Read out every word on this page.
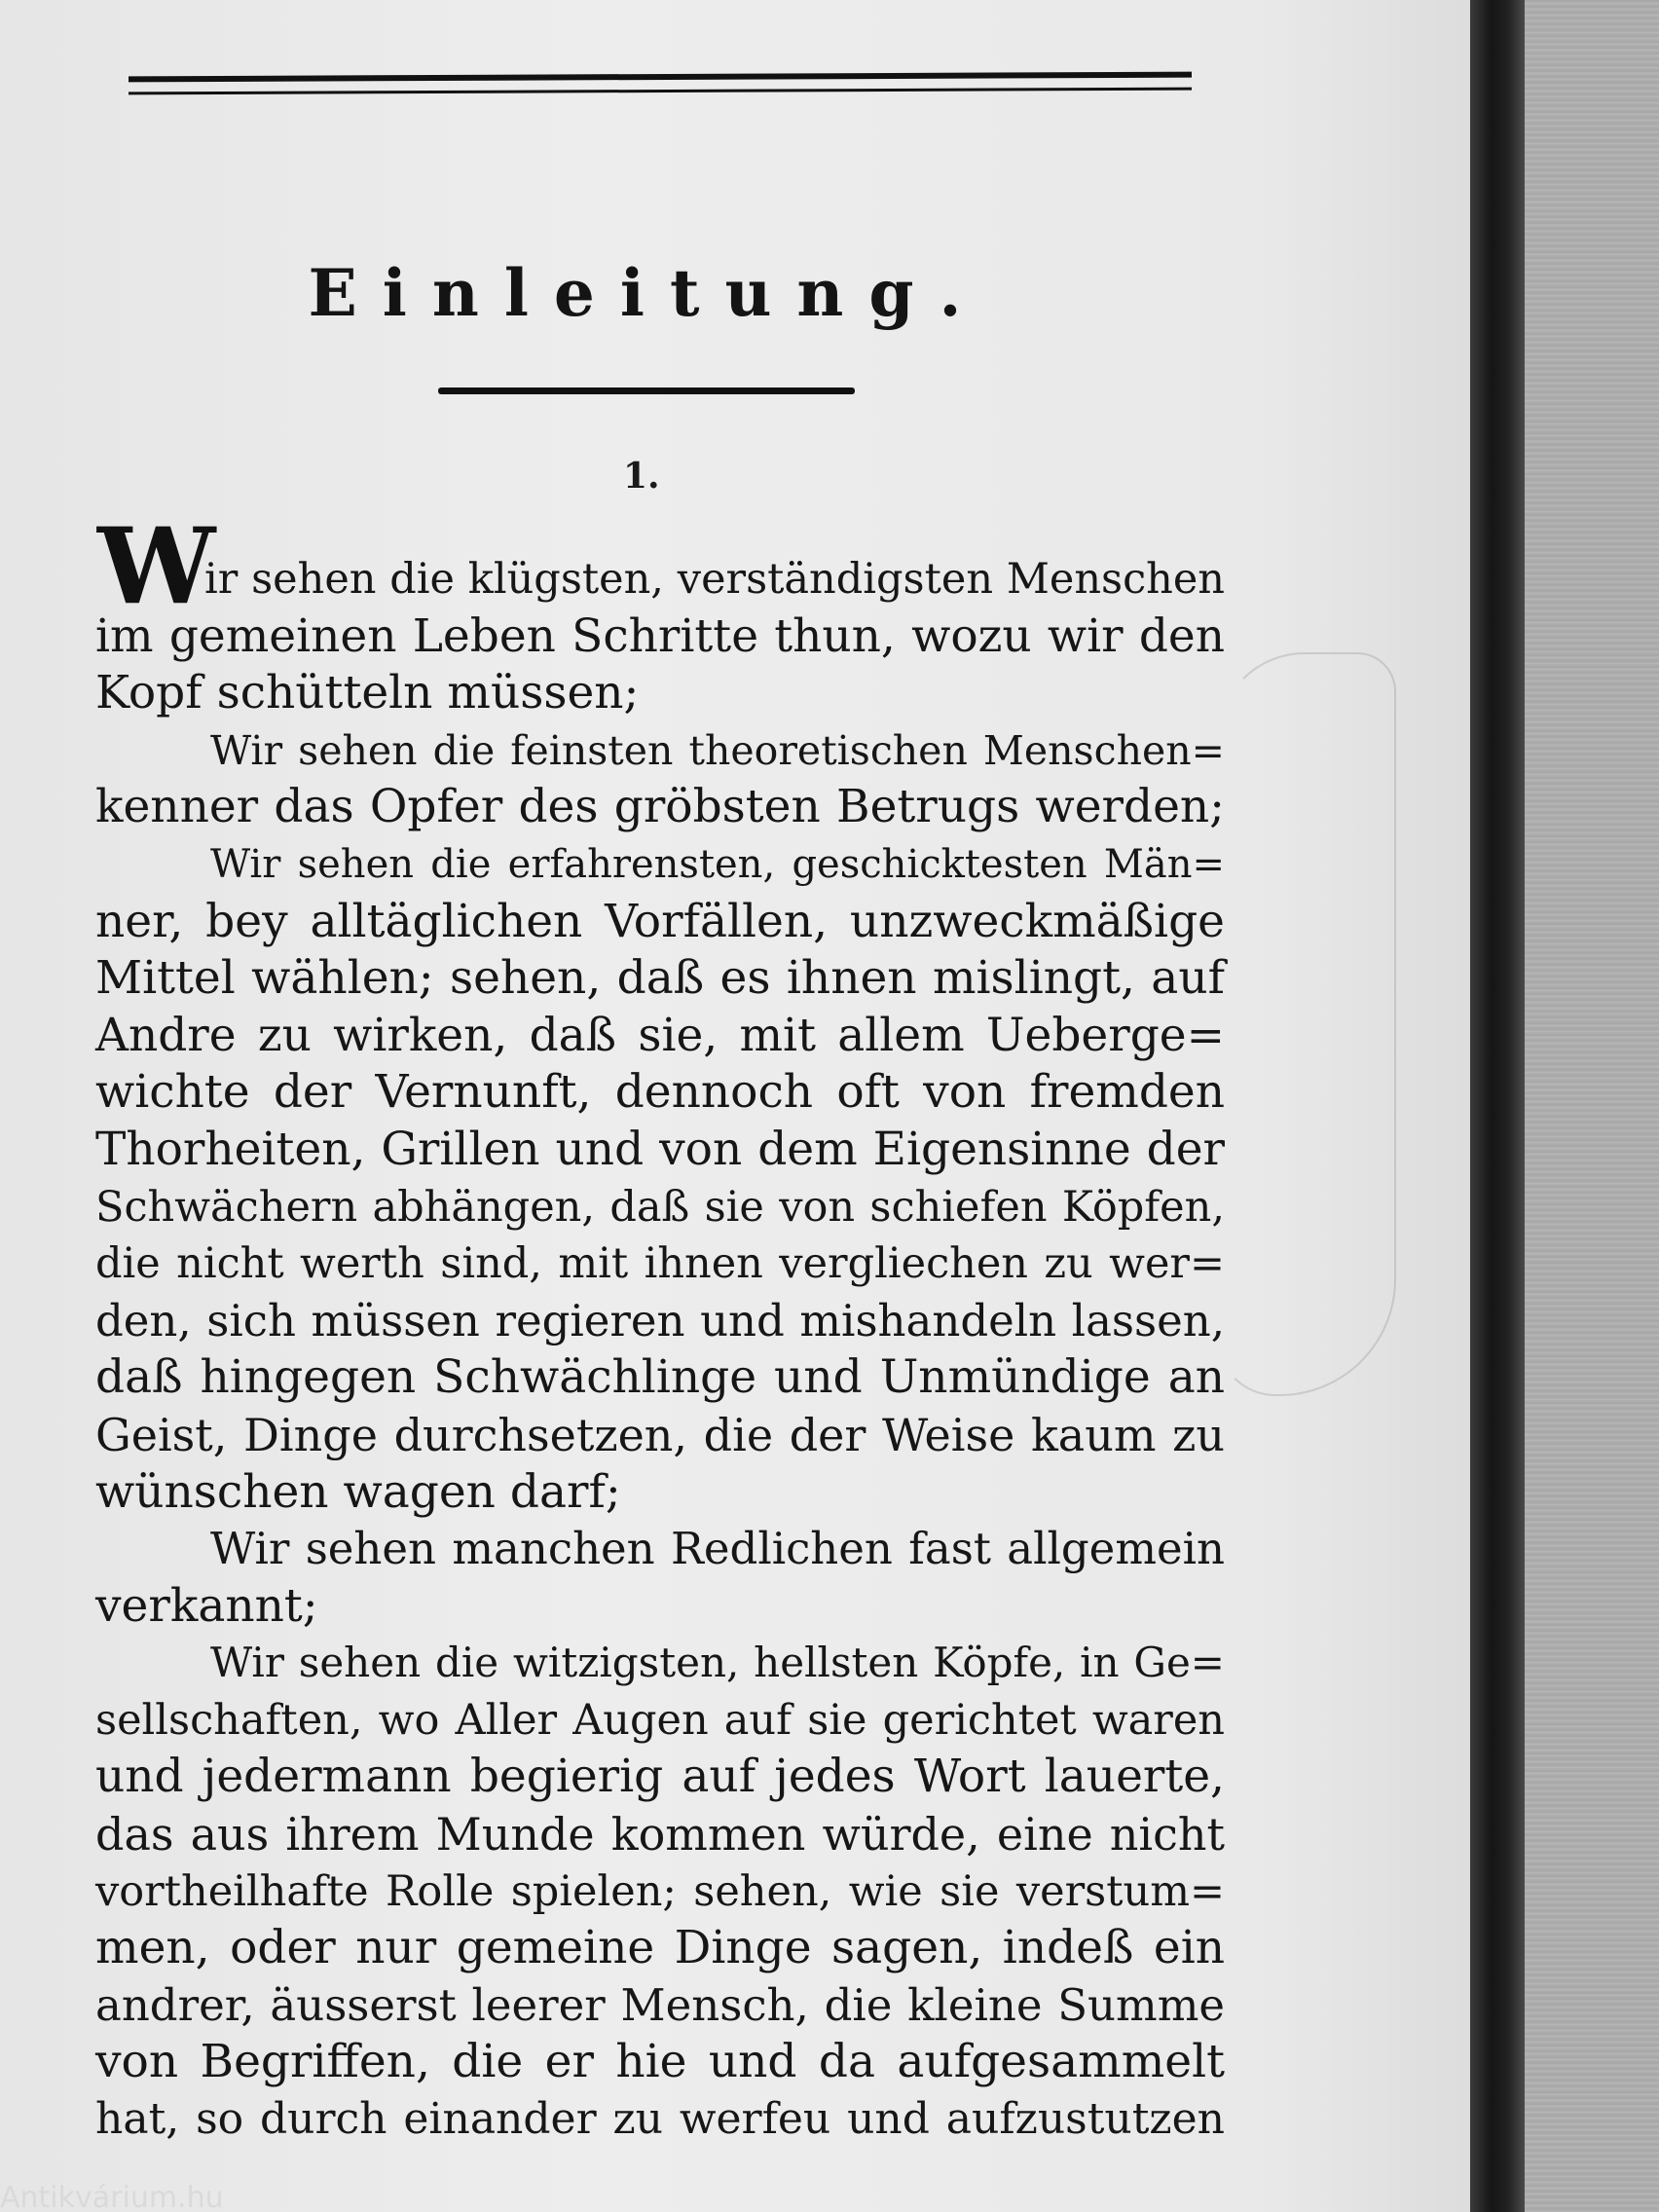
Einleitung.
1.
W
ir sehen die klügsten, verständigsten Menschen
im gemeinen Leben Schritte thun, wozu wir den
Kopf schütteln müssen;
Wir sehen die feinsten theoretischen Menschen=
kenner das Opfer des gröbsten Betrugs werden;
Wir sehen die erfahrensten, geschicktesten Män=
ner, bey alltäglichen Vorfällen, unzweckmäßige
Mittel wählen; sehen, daß es ihnen mislingt, auf
Andre zu wirken, daß sie, mit allem Ueberge=
wichte der Vernunft, dennoch oft von fremden
Thorheiten, Grillen und von dem Eigensinne der
Schwächern abhängen, daß sie von schiefen Köpfen,
die nicht werth sind, mit ihnen vergliechen zu wer=
den, sich müssen regieren und mishandeln lassen,
daß hingegen Schwächlinge und Unmündige an
Geist, Dinge durchsetzen, die der Weise kaum zu
wünschen wagen darf;
Wir sehen manchen Redlichen fast allgemein
verkannt;
Wir sehen die witzigsten, hellsten Köpfe, in Ge=
sellschaften, wo Aller Augen auf sie gerichtet waren
und jedermann begierig auf jedes Wort lauerte,
das aus ihrem Munde kommen würde, eine nicht
vortheilhafte Rolle spielen; sehen, wie sie verstum=
men, oder nur gemeine Dinge sagen, indeß ein
andrer, äusserst leerer Mensch, die kleine Summe
von Begriffen, die er hie und da aufgesammelt
hat, so durch einander zu werfeu und aufzustutzen
Antikvárium.hu
